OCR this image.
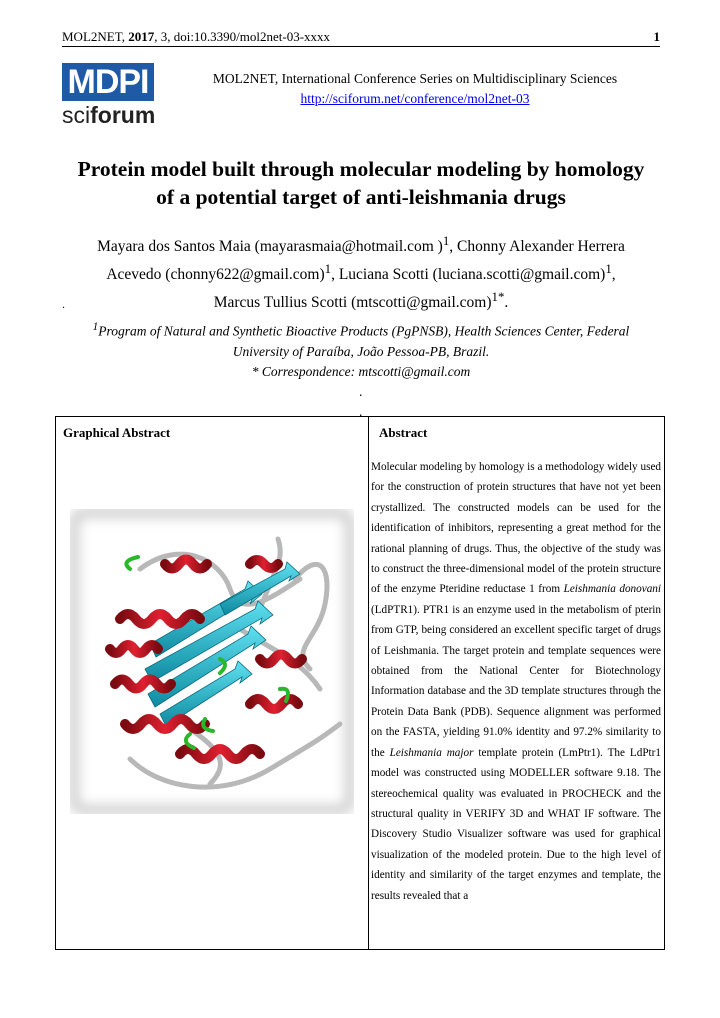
MOL2NET, 2017, 3, doi:10.3390/mol2net-03-xxxx	1
MDPI
sciforum
MOL2NET, International Conference Series on Multidisciplinary Sciences
http://sciforum.net/conference/mol2net-03
Protein model built through molecular modeling by homology
of a potential target of anti-leishmania drugs
Mayara dos Santos Maia (mayarasmaia@hotmail.com )$^1$, Chonny Alexander Herrera
Acevedo (chonny622@gmail.com)$^1$, Luciana Scotti (luciana.scotti@gmail.com)$^1$,
Marcus Tullius Scotti (mtscotti@gmail.com)$^{1*}$.
.
$^1$Program of Natural and Synthetic Bioactive Products (PgPNSB), Health Sciences Center, Federal
University of Paraíba, João Pessoa-PB, Brazil.
* Correspondence: mtscotti@gmail.com
.
.
Graphical Abstract	Abstract
Molecular modeling by homology is a methodology widely used for the construction of protein structures that have not yet been crystallized. The constructed models can be used for the identification of inhibitors, representing a great method for the rational planning of drugs. Thus, the objective of the study was to construct the three-dimensional model of the protein structure of the enzyme Pteridine reductase 1 from Leishmania donovani (LdPTR1). PTR1 is an enzyme used in the metabolism of pterin from GTP, being considered an excellent specific target of drugs of Leishmania. The target protein and template sequences were obtained from the National Center for Biotechnology Information database and the 3D template structures through the Protein Data Bank (PDB). Sequence alignment was performed on the FASTA, yielding 91.0% identity and 97.2% similarity to the Leishmania major template protein (LmPtr1). The LdPtr1 model was constructed using MODELLER software 9.18. The stereochemical quality was evaluated in PROCHECK and the structural quality in VERIFY 3D and WHAT IF software. The Discovery Studio Visualizer software was used for graphical visualization of the modeled protein. Due to the high level of identity and similarity of the target enzymes and template, the results revealed that a
